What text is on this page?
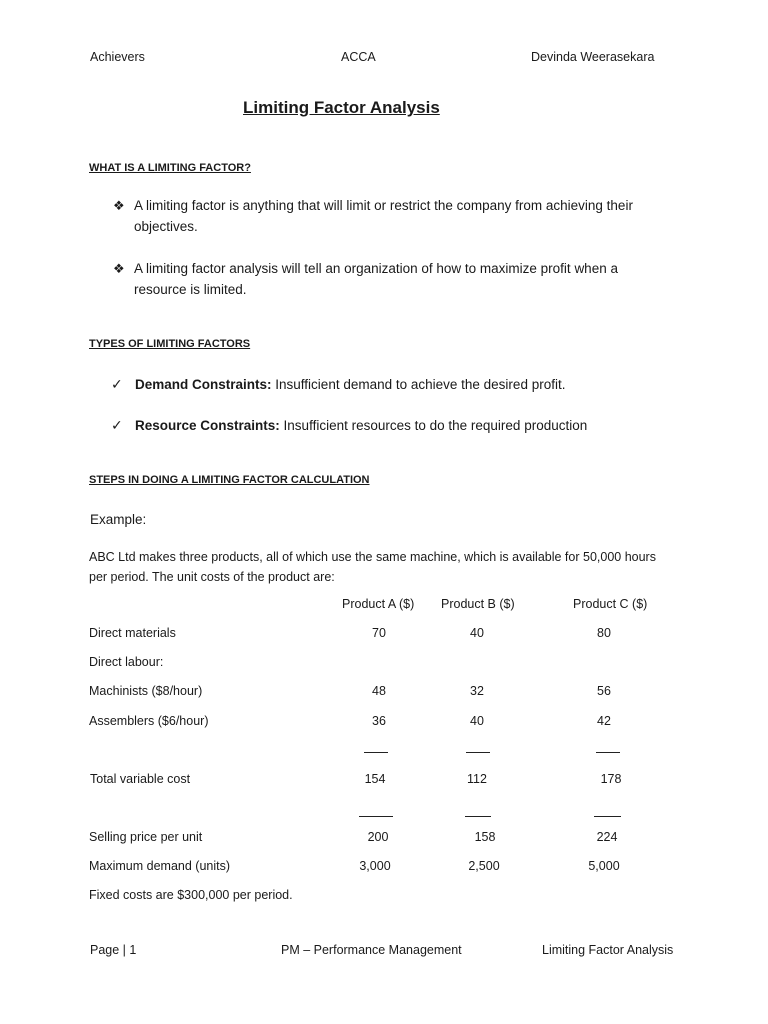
Achievers	ACCA	Devinda Weerasekara
Limiting Factor Analysis
WHAT IS A LIMITING FACTOR?
❖ A limiting factor is anything that will limit or restrict the company from achieving their objectives.
❖ A limiting factor analysis will tell an organization of how to maximize profit when a resource is limited.
TYPES OF LIMITING FACTORS
✓ Demand Constraints: Insufficient demand to achieve the desired profit.
✓ Resource Constraints: Insufficient resources to do the required production
STEPS IN DOING A LIMITING FACTOR CALCULATION
Example:
ABC Ltd makes three products, all of which use the same machine, which is available for 50,000 hours per period. The unit costs of the product are:
Product A ($) Product B ($)	Product C ($)
Direct materials	70	40	80
Direct labour:
Machinists ($8/hour)	48	32	56
Assemblers ($6/hour)	36	40	42
Total variable cost	154	112	178
Selling price per unit	200	158	224
Maximum demand (units)	3,000	2,500	5,000
Fixed costs are $300,000 per period.
Page | 1	PM – Performance Management	Limiting Factor Analysis
